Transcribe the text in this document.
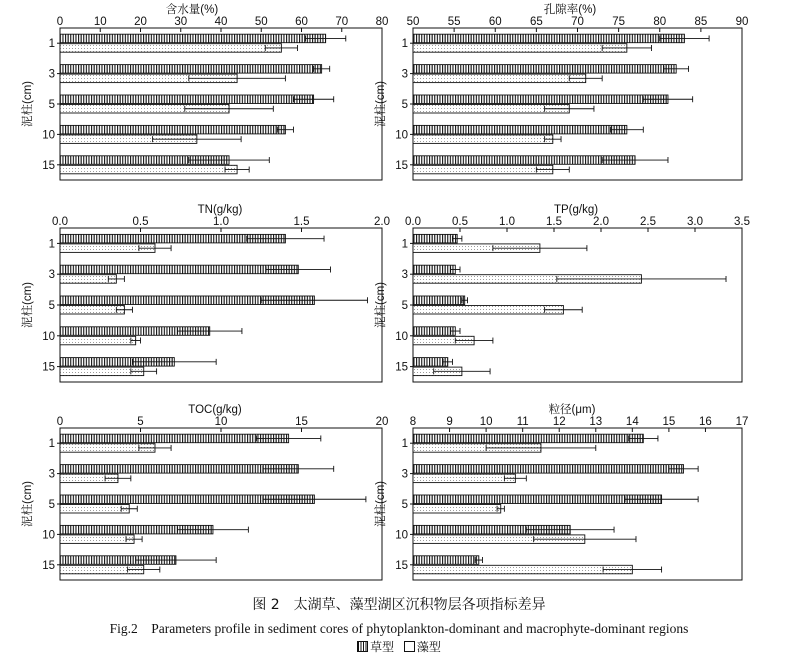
含水量(%)
0	10 20 30 40 50 60 70 80
泥柱(cm)
1
3
5
10
15
孔隙率(%)
50 55 60 65 70 75 80 85 90
泥柱(cm)
1
3
5
10
15
TN(g/kg)
0.0	0.5	1.0	1.5	2.0
泥柱(cm)
1
3
5
10
15
TP(g/kg)
0.0	0.5	1.0	1.5	2.0	2.5	3.0	3.5
泥柱(cm)
1
3
5
10
15
TOC(g/kg)
0	5	10	15	20
泥柱(cm)
1
3
5
10
15
粒径(μm)
8	9 10 11 12 13 14 15 16 17
泥柱(cm)
1
3
5
10
15
图 2　太湖草、藻型湖区沉积物层各项指标差异
Fig.2　Parameters profile in sediment cores of phytoplankton-dominant and macrophyte-dominant regions
草型
藻型
